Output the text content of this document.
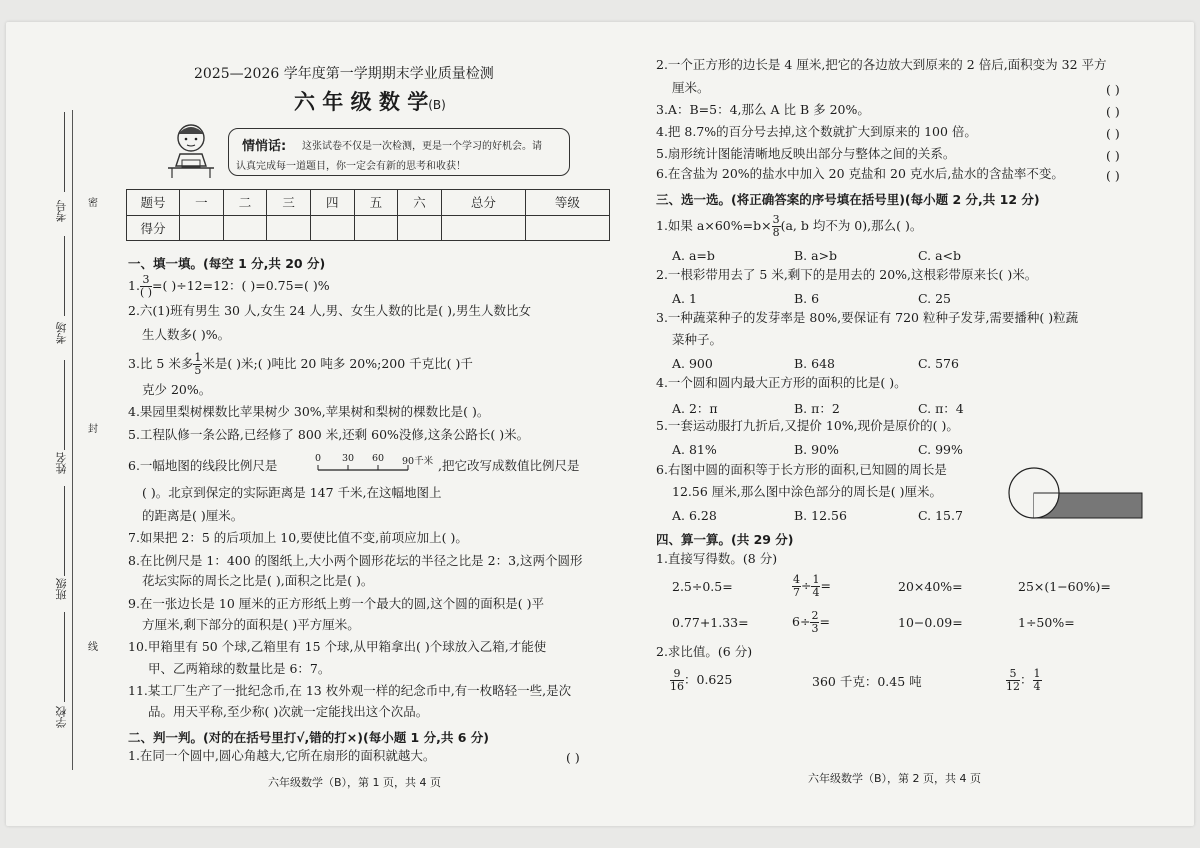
考号
考场
姓名
班级
学校
密
封
线
2025—2026 学年度第一学期期末学业质量检测
六 年 级 数 学(B)
情悄话: 这张试卷不仅是一次检测，更是一个学习的好机会。请
认真完成每一道题目，你一定会有新的思考和收获！
题号	一	二	三	四	五	六	总分	等级
得分								
一、填一填。(每空 1 分,共 20 分)
1. $\frac{3}{( )}$ =( )÷12=12：( )=0.75=( )%
2.六(1)班有男生 30 人,女生 24 人,男、女生人数的比是( ),男生人数比女
生人数多( )%。
3.比 5 米多 $\frac{1}{5}$ 米是( )米;( )吨比 20 吨多 20%;200 千克比( )千
克少 20%。
4.果园里梨树棵数比苹果树少 30%,苹果树和梨树的棵数比是( )。
5.工程队修一条公路,已经修了 800 米,还剩 60%没修,这条公路长( )米。
6.一幅地图的线段比例尺是	0 30 60 90千米 ,把它改写成数值比例尺是
( )。北京到保定的实际距离是 147 千米,在这幅地图上
的距离是( )厘米。
7.如果把 2：5 的后项加上 10,要使比值不变,前项应加上( )。
8.在比例尺是 1：400 的图纸上,大小两个圆形花坛的半径之比是 2：3,这两个圆形
花坛实际的周长之比是( ),面积之比是( )。
9.在一张边长是 10 厘米的正方形纸上剪一个最大的圆,这个圆的面积是( )平
方厘米,剩下部分的面积是( )平方厘米。
10.甲箱里有 50 个球,乙箱里有 15 个球,从甲箱拿出( )个球放入乙箱,才能使
甲、乙两箱球的数量比是 6：7。
11.某工厂生产了一批纪念币,在 13 枚外观一样的纪念币中,有一枚略轻一些,是次
品。用天平称,至少称( )次就一定能找出这个次品。
二、判一判。(对的在括号里打√,错的打×)(每小题 1 分,共 6 分)
1.在同一个圆中,圆心角越大,它所在扇形的面积就越大。	( )
2.一个正方形的边长是 4 厘米,把它的各边放大到原来的 2 倍后,面积变为 32 平方
厘米。	( )
3.A：B=5：4,那么 A 比 B 多 20%。	( )
4.把 8.7%的百分号去掉,这个数就扩大到原来的 100 倍。	( )
5.扇形统计图能清晰地反映出部分与整体之间的关系。	( )
6.在含盐为 20%的盐水中加入 20 克盐和 20 克水后,盐水的含盐率不变。	( )
三、选一选。(将正确答案的序号填在括号里)(每小题 2 分,共 12 分)
1.如果 $a\times 60\%=b\times \frac{3}{8} (a$, b 均不为 0),那么( )。
A. a=b	B. a>b	C. a<b
2.一根彩带用去了 5 米,剩下的是用去的 20%,这根彩带原来长( )米。
A. 1	B. 6	C. 25
3.一种蔬菜种子的发芽率是 80%,要保证有 720 粒种子发芽,需要播种( )粒蔬
菜种子。
A. 900	B. 648	C. 576
4.一个圆和圆内最大正方形的面积的比是( )。
A. 2：π	B. π：2	C. π：4
5.一套运动服打九折后,又提价 10%,现价是原价的( )。
A. 81%	B. 90%	C. 99%
6.右图中圆的面积等于长方形的面积,已知圆的周长是
12.56 厘米,那么图中涂色部分的周长是( )厘米。
A. 6.28	B. 12.56	C. 15.7
四、算一算。(共 29 分)
1.直接写得数。(8 分)
2.5÷0.5=	$\frac{4}{7} \div \frac{1}{4}$ =	20×40%=	25×(1−60%)=
0.77+1.33=	$6\div \frac{2}{3}$ =	10−0.09=	1÷50%=
2.求比值。(6 分)
$\frac{9}{16}$ ：0.625	360 千克：0.45 吨	$\frac{5}{12}$ ： $\frac{1}{4}$
六年级数学（B），第 1 页，共 4 页	六年级数学（B），第 2 页，共 4 页
